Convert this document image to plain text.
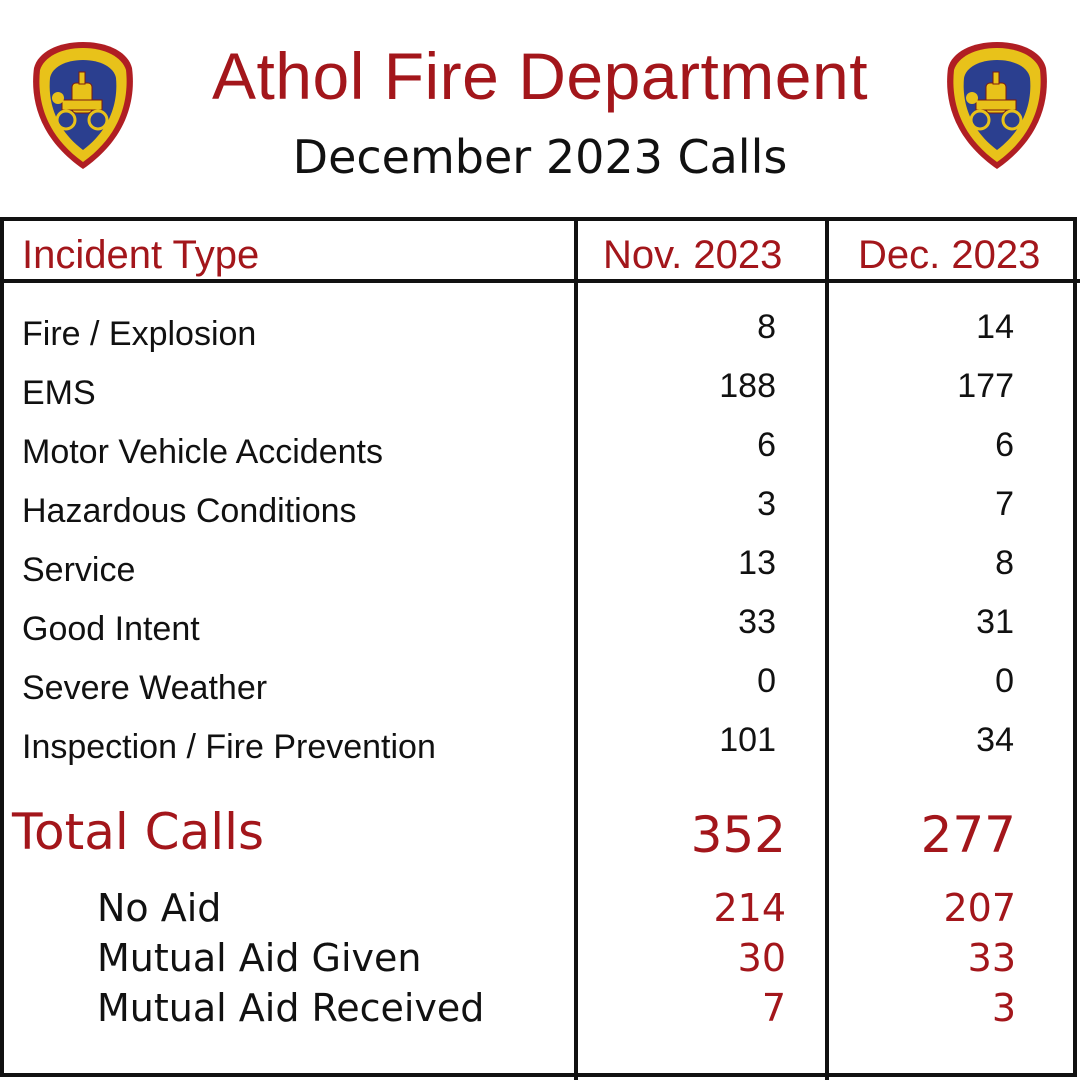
Athol Fire Department
December 2023 Calls
Incident Type	Nov. 2023 Dec. 2023
Fire / Explosion	8	14
EMS	188	177
Motor Vehicle Accidents	6	6
Hazardous Conditions	3	7
Service	13	8
Good Intent	33	31
Severe Weather	0	0
Inspection / Fire Prevention	101	34
Total Calls	352	277
No Aid	214	207
Mutual Aid Given	30	33
Mutual Aid Received	7	3
